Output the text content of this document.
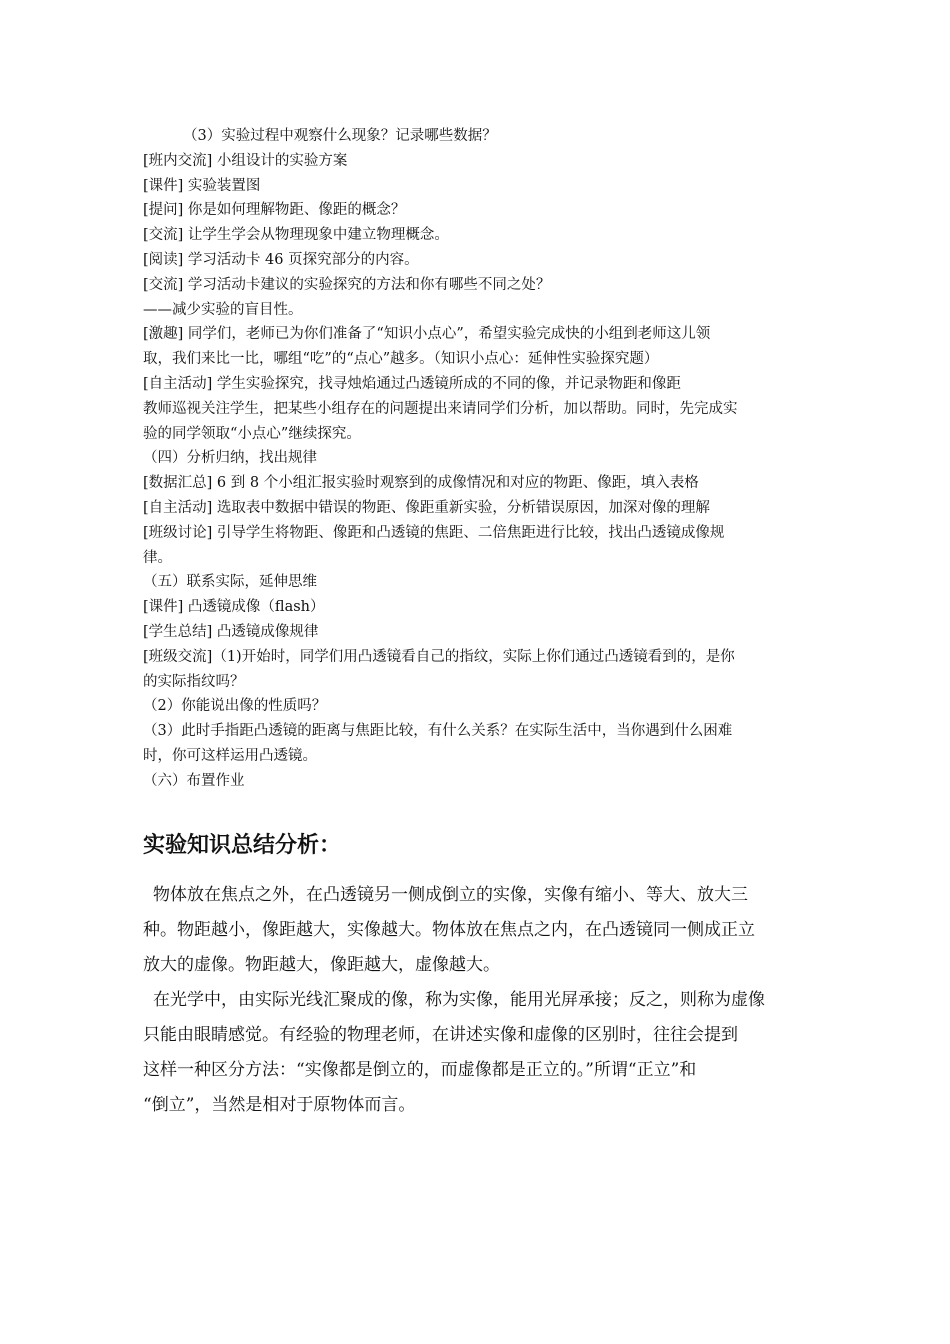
（3）实验过程中观察什么现象？记录哪些数据？
[班内交流] 小组设计的实验方案
[课件] 实验装置图
[提问] 你是如何理解物距、像距的概念？
[交流] 让学生学会从物理现象中建立物理概念。
[阅读] 学习活动卡 46 页探究部分的内容。
[交流] 学习活动卡建议的实验探究的方法和你有哪些不同之处？
——减少实验的盲目性。
[激趣] 同学们，老师已为你们准备了“知识小点心”，希望实验完成快的小组到老师这儿领
取，我们来比一比，哪组“吃”的“点心”越多。（知识小点心：延伸性实验探究题）
[自主活动] 学生实验探究，找寻烛焰通过凸透镜所成的不同的像，并记录物距和像距
教师巡视关注学生，把某些小组存在的问题提出来请同学们分析，加以帮助。同时，先完成实
验的同学领取“小点心”继续探究。
（四）分析归纳，找出规律
[数据汇总] 6 到 8 个小组汇报实验时观察到的成像情况和对应的物距、像距，填入表格
[自主活动] 选取表中数据中错误的物距、像距重新实验，分析错误原因，加深对像的理解
[班级讨论] 引导学生将物距、像距和凸透镜的焦距、二倍焦距进行比较，找出凸透镜成像规
律。
（五）联系实际，延伸思维
[课件] 凸透镜成像（flash）
[学生总结] 凸透镜成像规律
[班级交流]（1)开始时，同学们用凸透镜看自己的指纹，实际上你们通过凸透镜看到的，是你
的实际指纹吗？
（2）你能说出像的性质吗？
（3）此时手指距凸透镜的距离与焦距比较，有什么关系？在实际生活中，当你遇到什么困难
时，你可这样运用凸透镜。
（六）布置作业
实验知识总结分析：
物体放在焦点之外，在凸透镜另一侧成倒立的实像，实像有缩小、等大、放大三
种。物距越小，像距越大，实像越大。物体放在焦点之内，在凸透镜同一侧成正立
放大的虚像。物距越大，像距越大，虚像越大。
在光学中，由实际光线汇聚成的像，称为实像，能用光屏承接；反之，则称为虚像
只能由眼睛感觉。有经验的物理老师，在讲述实像和虚像的区别时，往往会提到
这样一种区分方法：“实像都是倒立的，而虚像都是正立的。”所谓“正立”和
“倒立”，当然是相对于原物体而言。
